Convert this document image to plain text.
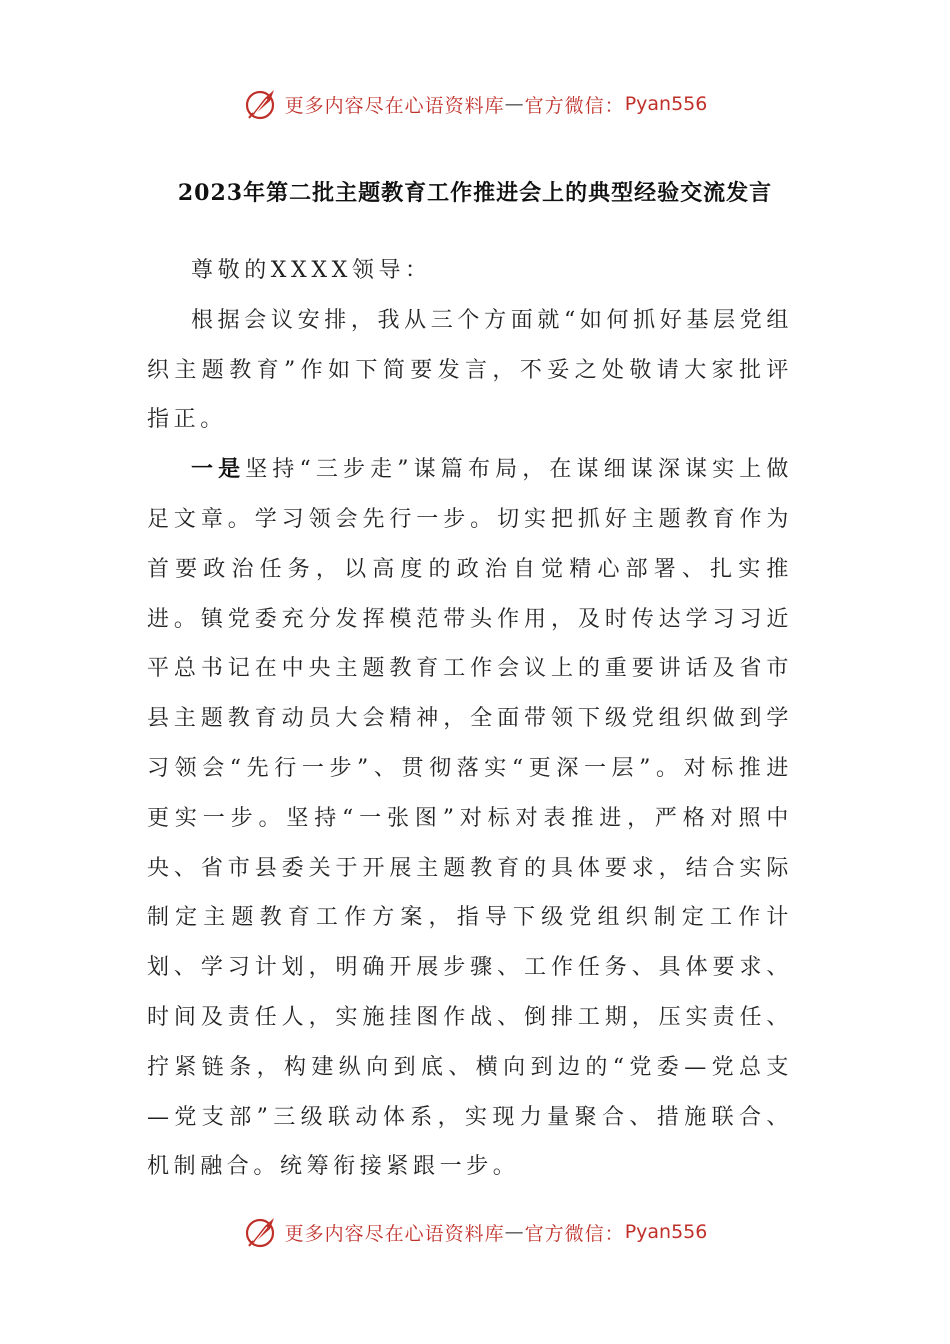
更多内容尽在心语资料库 — 官方微信： Pyan556
2023年第二批主题教育工作推进会上的典型经验交流发言

尊敬的XXXX领导：

根据会议安排，我从三个方面就“如何抓好基层党组织主题教育”作如下简要发言，不妥之处敬请大家批评指正。

一是坚持“三步走”谋篇布局，在谋细谋深谋实上做足文章。学习领会先行一步。切实把抓好主题教育作为首要政治任务，以高度的政治自觉精心部署、扎实推进。镇党委充分发挥模范带头作用，及时传达学习习近平总书记在中央主题教育工作会议上的重要讲话及省市县主题教育动员大会精神，全面带领下级党组织做到学习领会“先行一步”、贯彻落实“更深一层”。对标推进更实一步。坚持“一张图”对标对表推进，严格对照中央、省市县委关于开展主题教育的具体要求，结合实际制定主题教育工作方案，指导下级党组织制定工作计划、学习计划，明确开展步骤、工作任务、具体要求、时间及责任人，实施挂图作战、倒排工期，压实责任、拧紧链条，构建纵向到底、横向到边的“党委—党总支—党支部”三级联动体系，实现力量聚合、措施联合、机制融合。统筹衔接紧跟一步。

更多内容尽在心语资料库 — 官方微信： Pyan556
